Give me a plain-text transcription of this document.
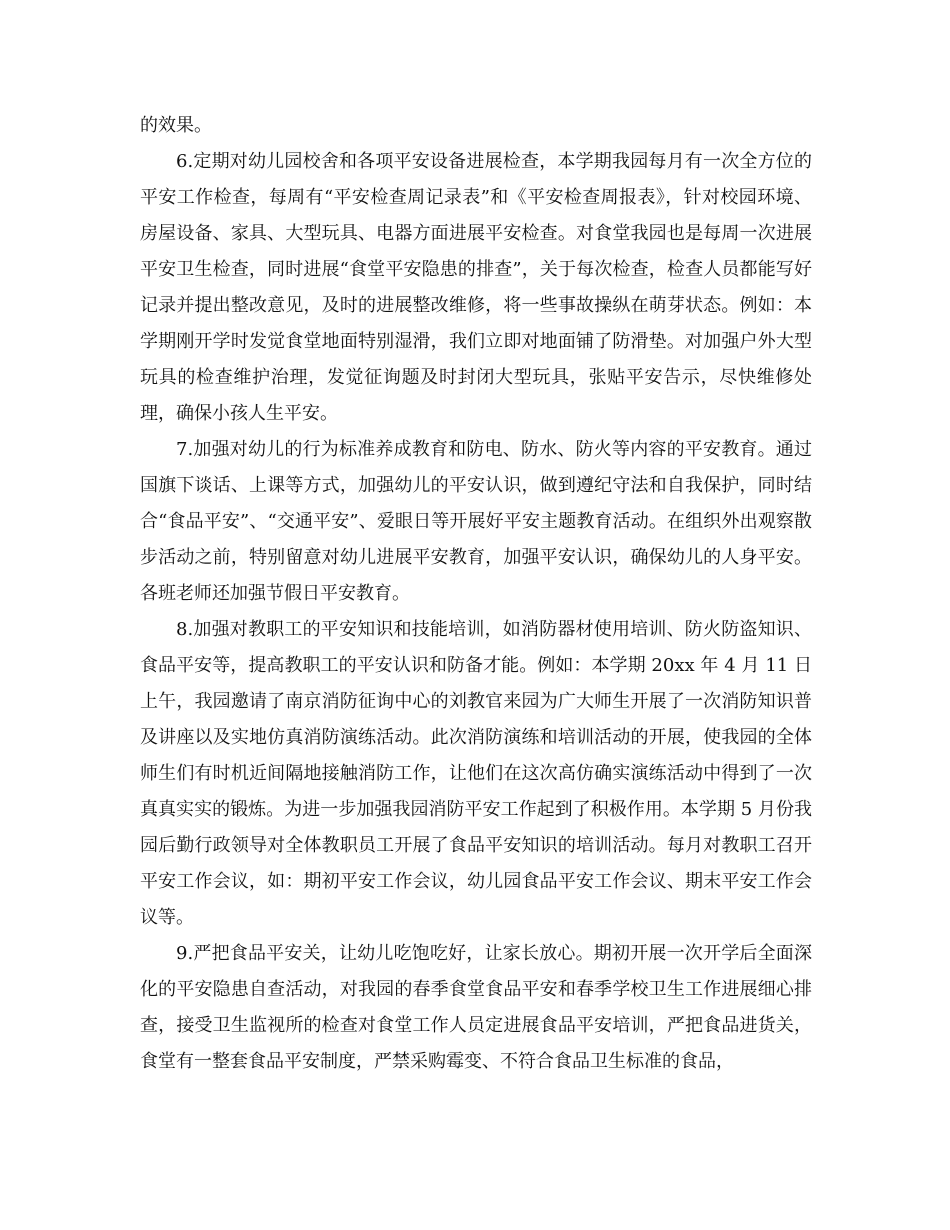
的效果。

6.定期对幼儿园校舍和各项平安设备进展检查，本学期我园每月有一次全方位的平安工作检查，每周有“平安检查周记录表”和《平安检查周报表》，针对校园环境、房屋设备、家具、大型玩具、电器方面进展平安检查。对食堂我园也是每周一次进展平安卫生检查，同时进展“食堂平安隐患的排查”，关于每次检查，检查人员都能写好记录并提出整改意见，及时的进展整改维修，将一些事故操纵在萌芽状态。例如：本学期刚开学时发觉食堂地面特别湿滑，我们立即对地面铺了防滑垫。对加强户外大型玩具的检查维护治理，发觉征询题及时封闭大型玩具，张贴平安告示，尽快维修处理，确保小孩人生平安。

7.加强对幼儿的行为标准养成教育和防电、防水、防火等内容的平安教育。通过国旗下谈话、上课等方式，加强幼儿的平安认识，做到遵纪守法和自我保护，同时结合“食品平安”、“交通平安”、爱眼日等开展好平安主题教育活动。在组织外出观察散步活动之前，特别留意对幼儿进展平安教育，加强平安认识，确保幼儿的人身平安。各班老师还加强节假日平安教育。

8.加强对教职工的平安知识和技能培训，如消防器材使用培训、防火防盗知识、食品平安等，提高教职工的平安认识和防备才能。例如：本学期 20xx 年 4 月 11 日上午，我园邀请了南京消防征询中心的刘教官来园为广大师生开展了一次消防知识普及讲座以及实地仿真消防演练活动。此次消防演练和培训活动的开展，使我园的全体师生们有时机近间隔地接触消防工作，让他们在这次高仿确实演练活动中得到了一次真真实实的锻炼。为进一步加强我园消防平安工作起到了积极作用。本学期 5 月份我园后勤行政领导对全体教职员工开展了食品平安知识的培训活动。每月对教职工召开平安工作会议，如：期初平安工作会议，幼儿园食品平安工作会议、期末平安工作会议等。

9.严把食品平安关，让幼儿吃饱吃好，让家长放心。期初开展一次开学后全面深化的平安隐患自查活动，对我园的春季食堂食品平安和春季学校卫生工作进展细心排查，接受卫生监视所的检查对食堂工作人员定进展食品平安培训，严把食品进货关，食堂有一整套食品平安制度，严禁采购霉变、不符合食品卫生标准的食品，
